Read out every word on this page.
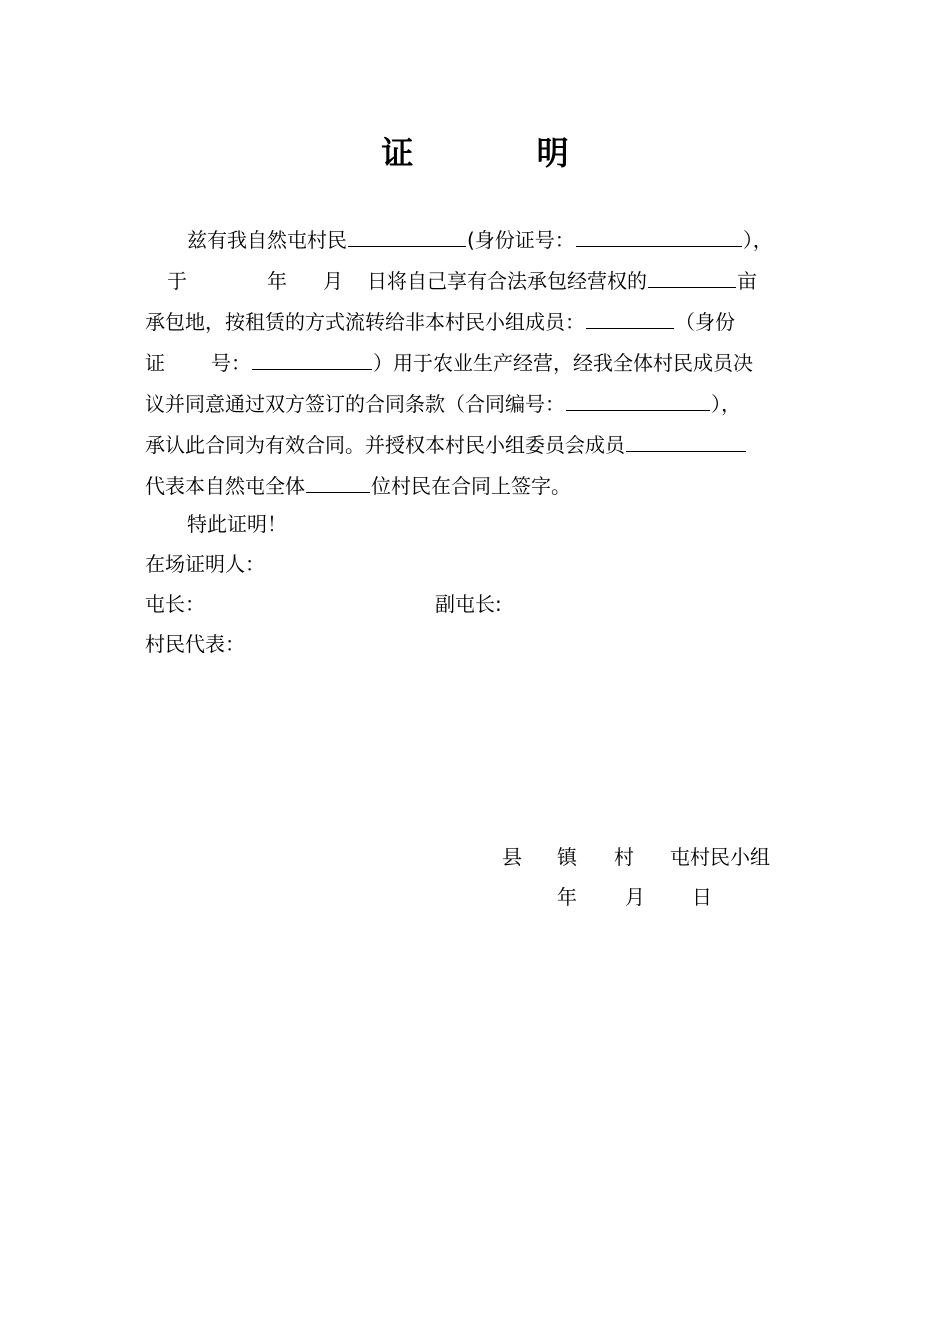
证 明
兹有我自然屯村民	(身份证号：	），
于	年 月 日将自己享有合法承包经营权的	亩
承包地，按租赁的方式流转给非本村民小组成员：	（身份
证 号：	）用于农业生产经营，经我全体村民成员决
议并同意通过双方签订的合同条款（合同编号：	），
承认此合同为有效合同。并授权本村民小组委员会成员
代表本自然屯全体	位村民在合同上签字。
特此证明！
在场证明人：
屯长：	副屯长:
村民代表：
县 镇 村 屯村民小组
年 月 日
